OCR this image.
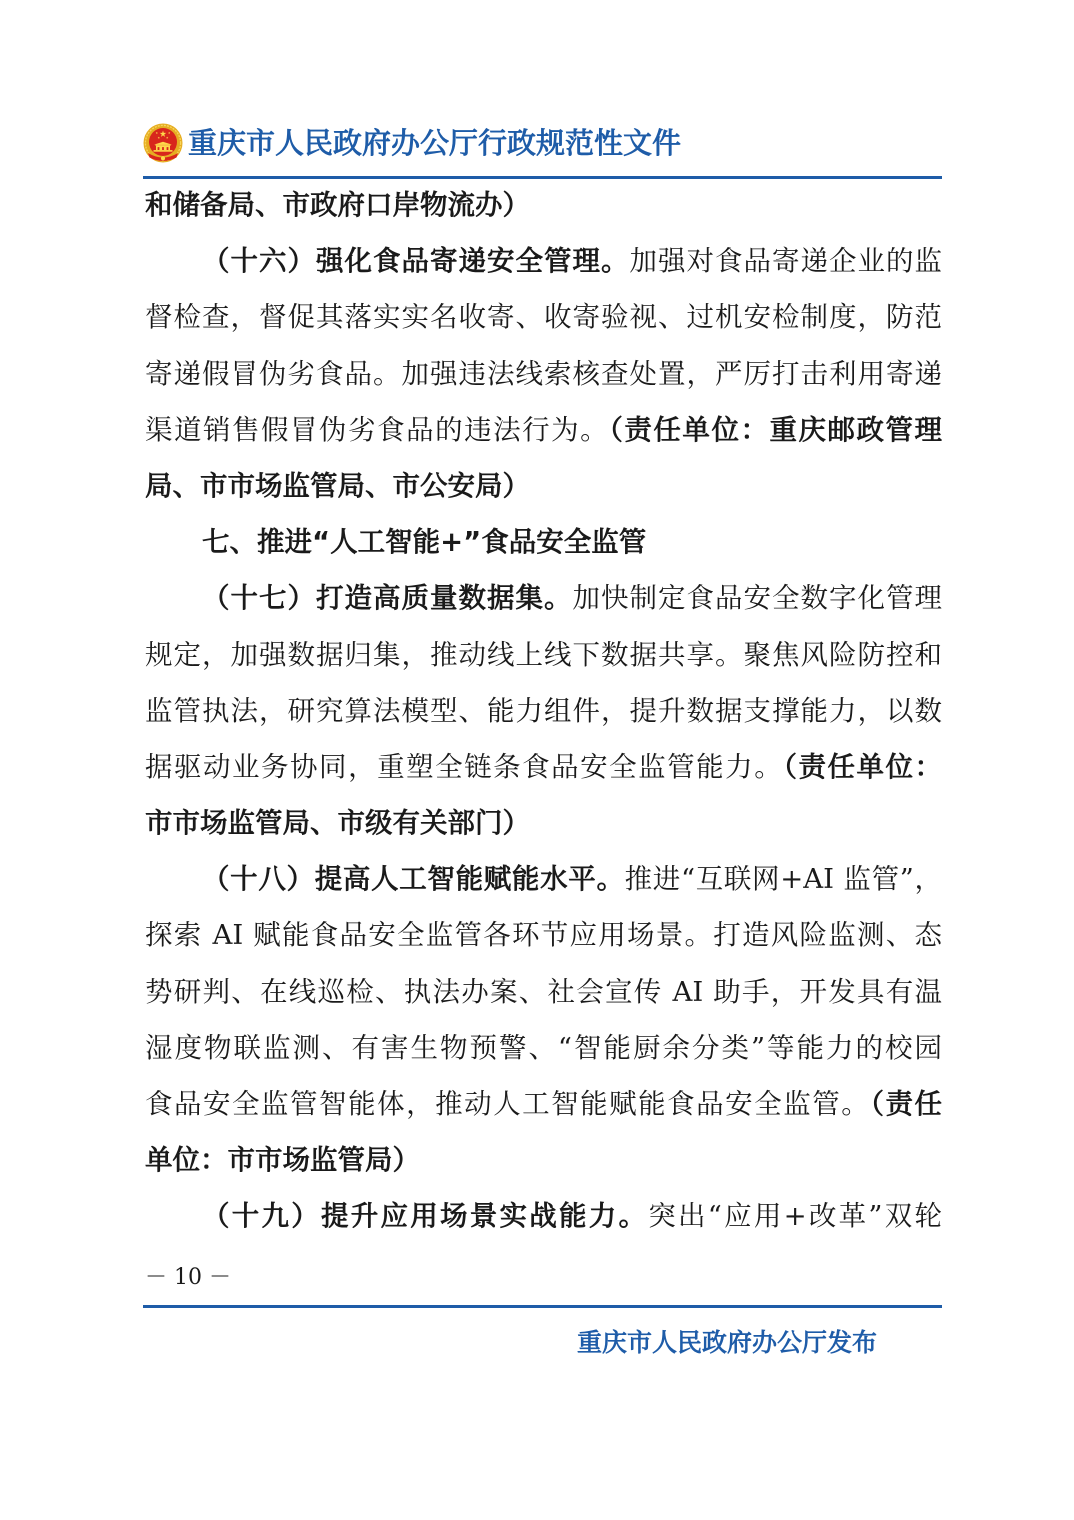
重庆市人民政府办公厅行政规范性文件
和储备局、市政府口岸物流办）
（十六）强化食品寄递安全管理。加强对食品寄递企业的监
督检查，督促其落实实名收寄、收寄验视、过机安检制度，防范
寄递假冒伪劣食品。加强违法线索核查处置，严厉打击利用寄递
渠道销售假冒伪劣食品的违法行为。（责任单位：重庆邮政管理
局、市市场监管局、市公安局）
七、推进“人工智能+”食品安全监管
（十七）打造高质量数据集。加快制定食品安全数字化管理
规定，加强数据归集，推动线上线下数据共享。聚焦风险防控和
监管执法，研究算法模型、能力组件，提升数据支撑能力，以数
据驱动业务协同，重塑全链条食品安全监管能力。（责任单位：
市市场监管局、市级有关部门）
（十八）提高人工智能赋能水平。推进“互联网+AI 监管”，
探索 AI 赋能食品安全监管各环节应用场景。打造风险监测、态
势研判、在线巡检、执法办案、社会宣传 AI 助手，开发具有温
湿度物联监测、有害生物预警、“智能厨余分类”等能力的校园
食品安全监管智能体，推动人工智能赋能食品安全监管。（责任
单位：市市场监管局）
（十九）提升应用场景实战能力。突出“应用+改革”双轮
－ 10 －
重庆市人民政府办公厅发布
